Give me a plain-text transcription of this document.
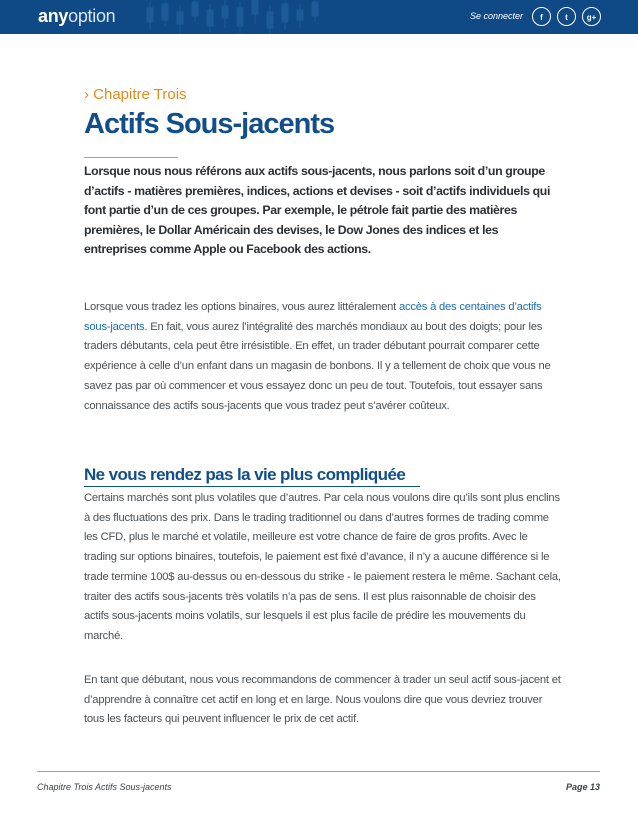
anyoption	Se connecter	f	t	g+
› Chapitre Trois
Actifs Sous-jacents
Lorsque nous nous référons aux actifs sous-jacents, nous parlons soit d’un groupe d’actifs - matières premières, indices, actions et devises - soit d’actifs individuels qui font partie d’un de ces groupes. Par exemple, le pétrole fait partie des matières premières, le Dollar Américain des devises, le Dow Jones des indices et les entreprises comme Apple ou Facebook des actions.
Lorsque vous tradez les options binaires, vous aurez littéralement accès à des centaines d’actifs sous-jacents. En fait, vous aurez l’intégralité des marchés mondiaux au bout des doigts; pour les traders débutants, cela peut être irrésistible. En effet, un trader débutant pourrait comparer cette expérience à celle d’un enfant dans un magasin de bonbons. Il y a tellement de choix que vous ne savez pas par où commencer et vous essayez donc un peu de tout. Toutefois, tout essayer sans connaissance des actifs sous-jacents que vous tradez peut s’avérer coûteux.
Ne vous rendez pas la vie plus compliquée
Certains marchés sont plus volatiles que d’autres. Par cela nous voulons dire qu’ils sont plus enclins à des fluctuations des prix. Dans le trading traditionnel ou dans d’autres formes de trading comme les CFD, plus le marché et volatile, meilleure est votre chance de faire de gros profits. Avec le trading sur options binaires, toutefois, le paiement est fixé d’avance, il n’y a aucune différence si le trade termine 100$ au-dessus ou en-dessous du strike - le paiement restera le même. Sachant cela, traiter des actifs sous-jacents très volatils n’a pas de sens. Il est plus raisonnable de choisir des actifs sous-jacents moins volatils, sur lesquels il est plus facile de prédire les mouvements du marché.
En tant que débutant, nous vous recommandons de commencer à trader un seul actif sous-jacent et d’apprendre à connaître cet actif en long et en large. Nous voulons dire que vous devriez trouver tous les facteurs qui peuvent influencer le prix de cet actif.
Chapitre Trois Actifs Sous-jacents	Page 13
